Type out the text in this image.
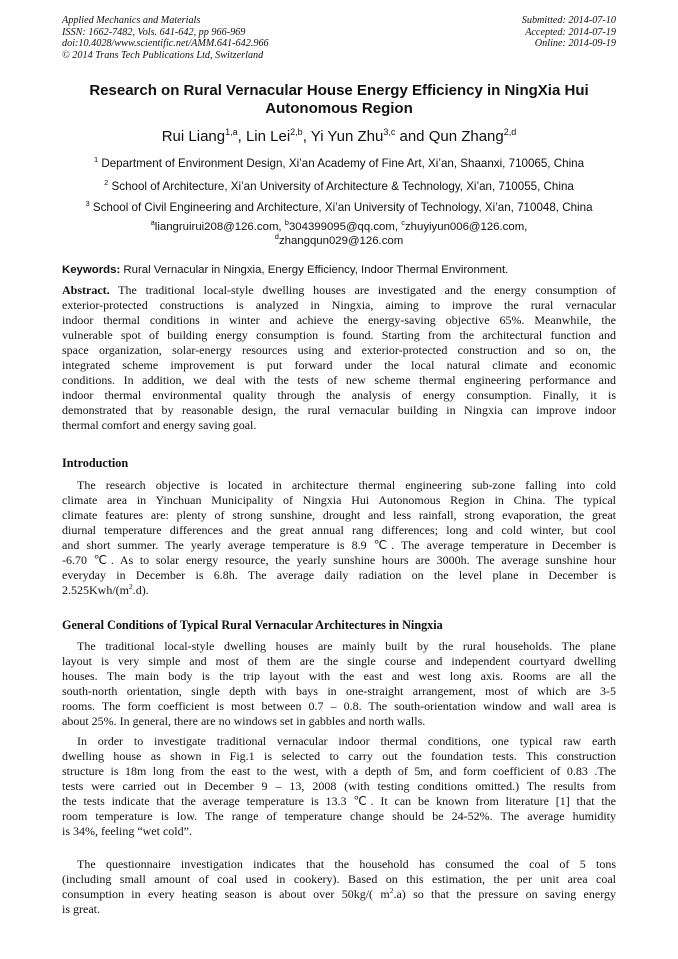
Applied Mechanics and Materials
ISSN: 1662-7482, Vols. 641-642, pp 966-969
doi:10.4028/www.scientific.net/AMM.641-642.966
© 2014 Trans Tech Publications Ltd, Switzerland
Submitted: 2014-07-10
Accepted: 2014-07-19
Online: 2014-09-19
Research on Rural Vernacular House Energy Efficiency in NingXia Hui
Autonomous Region
Rui Liang$^{1,a}$, Lin Lei$^{2,b}$, Yi Yun Zhu$^{3,c}$ and Qun Zhang$^{2,d}$
$^1$ Department of Environment Design, Xi’an Academy of Fine Art, Xi’an, Shaanxi, 710065, China
$^2$ School of Architecture, Xi’an University of Architecture & Technology, Xi’an, 710055, China
$^3$ School of Civil Engineering and Architecture, Xi’an University of Technology, Xi’an, 710048, China
$^a$liangruirui208@126.com, $^b$304399095@qq.com, $^c$zhuyiyun006@126.com,
$^d$zhangqun029@126.com
Keywords: Rural Vernacular in Ningxia, Energy Efficiency, Indoor Thermal Environment.
Abstract. The traditional local-style dwelling houses are investigated and the energy consumption of
exterior-protected constructions is analyzed in Ningxia, aiming to improve the rural vernacular
indoor thermal conditions in winter and achieve the energy-saving objective 65%. Meanwhile, the
vulnerable spot of building energy consumption is found. Starting from the architectural function and
space organization, solar-energy resources using and exterior-protected construction and so on, the
integrated scheme improvement is put forward under the local natural climate and economic
conditions. In addition, we deal with the tests of new scheme thermal engineering performance and
indoor thermal environmental quality through the analysis of energy consumption. Finally, it is
demonstrated that by reasonable design, the rural vernacular building in Ningxia can improve indoor
thermal comfort and energy saving goal.
Introduction
The research objective is located in architecture thermal engineering sub-zone falling into cold
climate area in Yinchuan Municipality of Ningxia Hui Autonomous Region in China. The typical
climate features are: plenty of strong sunshine, drought and less rainfall, strong evaporation, the great
diurnal temperature differences and the great annual rang differences; long and cold winter, but cool
and short summer. The yearly average temperature is 8.9 ℃. The average temperature in December is
-6.70 ℃. As to solar energy resource, the yearly sunshine hours are 3000h. The average sunshine hour
everyday in December is 6.8h. The average daily radiation on the level plane in December is
$2.525Kwh/(m^2.d)$.
General Conditions of Typical Rural Vernacular Architectures in Ningxia
The traditional local-style dwelling houses are mainly built by the rural households. The plane
layout is very simple and most of them are the single course and independent courtyard dwelling
houses. The main body is the trip layout with the east and west long axis. Rooms are all the
south-north orientation, single depth with bays in one-straight arrangement, most of which are 3-5
rooms. The form coefficient is most between 0.7 – 0.8. The south-orientation window and wall area is
about 25%. In general, there are no windows set in gabbles and north walls.
In order to investigate traditional vernacular indoor thermal conditions, one typical raw earth
dwelling house as shown in Fig.1 is selected to carry out the foundation tests. This construction
structure is 18m long from the east to the west, with a depth of 5m, and form coefficient of 0.83 .The
tests were carried out in December 9 – 13, 2008 (with testing conditions omitted.) The results from
the tests indicate that the average temperature is 13.3 ℃. It can be known from literature [1] that the
room temperature is low. The range of temperature change should be 24-52%. The average humidity
is 34%, feeling “wet cold”.
The questionnaire investigation indicates that the household has consumed the coal of 5 tons
(including small amount of coal used in cookery). Based on this estimation, the per unit area coal
consumption in every heating season is about over 50kg/( $m^2.a$) so that the pressure on saving energy
is great.
